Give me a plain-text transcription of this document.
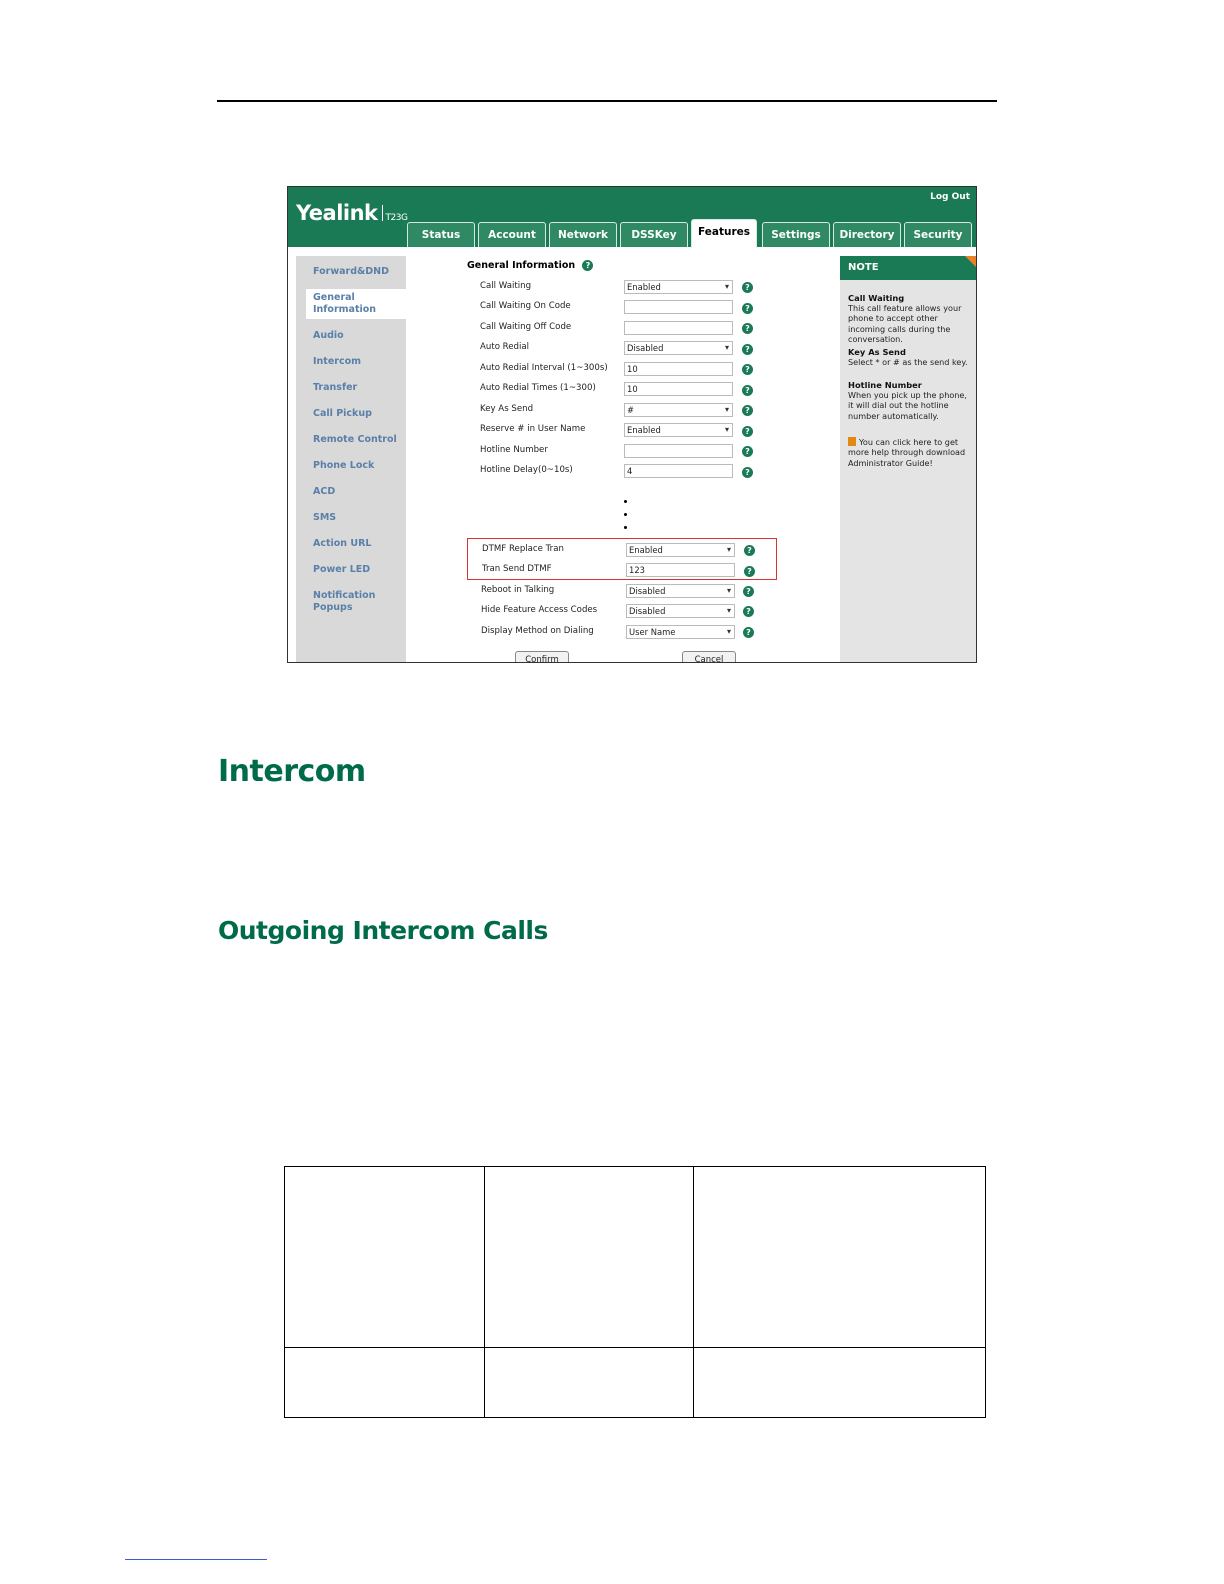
Yealink T23G
Log Out
Status	Account	Network	DSSKey	Features	Settings	Directory	Security
Forward&DND
General Information
Audio
Intercom
Transfer
Call Pickup
Remote Control
Phone Lock
ACD
SMS
Action URL
Power LED
Notification Popups
General Information ?
Call Waiting	Enabled ▾	?
Call Waiting On Code	?
Call Waiting Off Code	?
Auto Redial	Disabled ▾	?
Auto Redial Interval (1~300s)	10	?
Auto Redial Times (1~300)	10	?
Key As Send	# ▾	?
Reserve # in User Name	Enabled ▾	?
Hotline Number	?
Hotline Delay(0~10s)	4	?
DTMF Replace Tran	Enabled ▾	?
Tran Send DTMF	123	?
Reboot in Talking	Disabled ▾	?
Hide Feature Access Codes	Disabled ▾	?
Display Method on Dialing	User Name ▾	?
Confirm	Cancel
NOTE
Call Waiting
This call feature allows your phone to accept other incoming calls during the conversation.
Key As Send
Select * or # as the send key.
Hotline Number
When you pick up the phone, it will dial out the hotline number automatically.
You can click here to get more help through download Administrator Guide!
Intercom
Outgoing Intercom Calls
